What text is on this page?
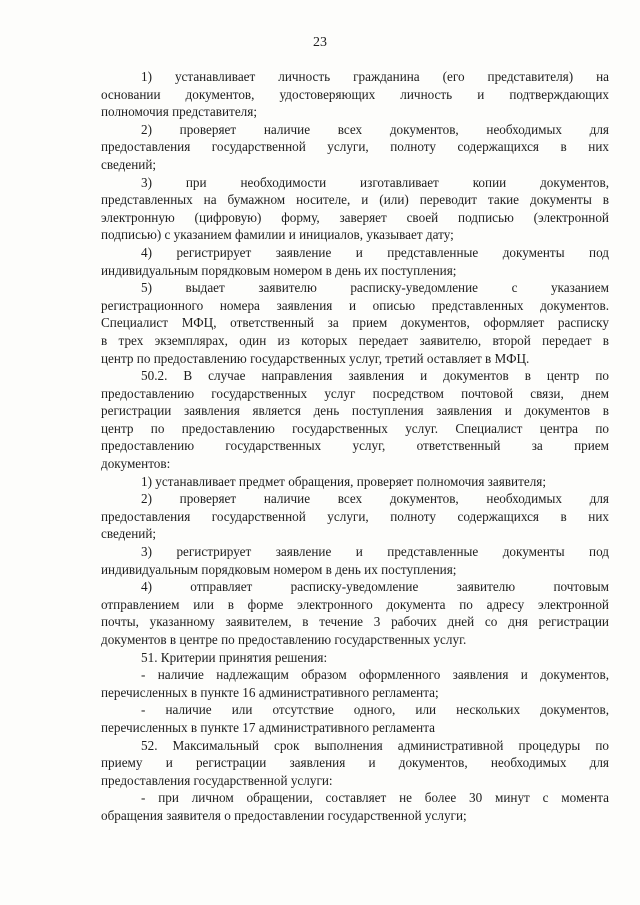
23

1) устанавливает личность гражданина (его представителя) на
основании документов, удостоверяющих личность и подтверждающих
полномочия представителя;

2) проверяет наличие всех документов, необходимых для
предоставления государственной услуги, полноту содержащихся в них
сведений;

3) при необходимости изготавливает копии документов,
представленных на бумажном носителе, и (или) переводит такие документы в
электронную (цифровую) форму, заверяет своей подписью (электронной
подписью) с указанием фамилии и инициалов, указывает дату;

4) регистрирует заявление и представленные документы под
индивидуальным порядковым номером в день их поступления;

5) выдает заявителю расписку-уведомление с указанием
регистрационного номера заявления и описью представленных документов.
Специалист МФЦ, ответственный за прием документов, оформляет расписку
в трех экземплярах, один из которых передает заявителю, второй передает в
центр по предоставлению государственных услуг, третий оставляет в МФЦ.

50.2. В случае направления заявления и документов в центр по
предоставлению государственных услуг посредством почтовой связи, днем
регистрации заявления является день поступления заявления и документов в
центр по предоставлению государственных услуг. Специалист центра по
предоставлению государственных услуг, ответственный за прием
документов:

1) устанавливает предмет обращения, проверяет полномочия заявителя;

2) проверяет наличие всех документов, необходимых для
предоставления государственной услуги, полноту содержащихся в них
сведений;

3) регистрирует заявление и представленные документы под
индивидуальным порядковым номером в день их поступления;

4) отправляет расписку-уведомление заявителю почтовым
отправлением или в форме электронного документа по адресу электронной
почты, указанному заявителем, в течение 3 рабочих дней со дня регистрации
документов в центре по предоставлению государственных услуг.

51. Критерии принятия решения:

- наличие надлежащим образом оформленного заявления и документов,
перечисленных в пункте 16 административного регламента;

- наличие или отсутствие одного, или нескольких документов,
перечисленных в пункте 17 административного регламента

52. Максимальный срок выполнения административной процедуры по
приему и регистрации заявления и документов, необходимых для
предоставления государственной услуги:

- при личном обращении, составляет не более 30 минут с момента
обращения заявителя о предоставлении государственной услуги;
